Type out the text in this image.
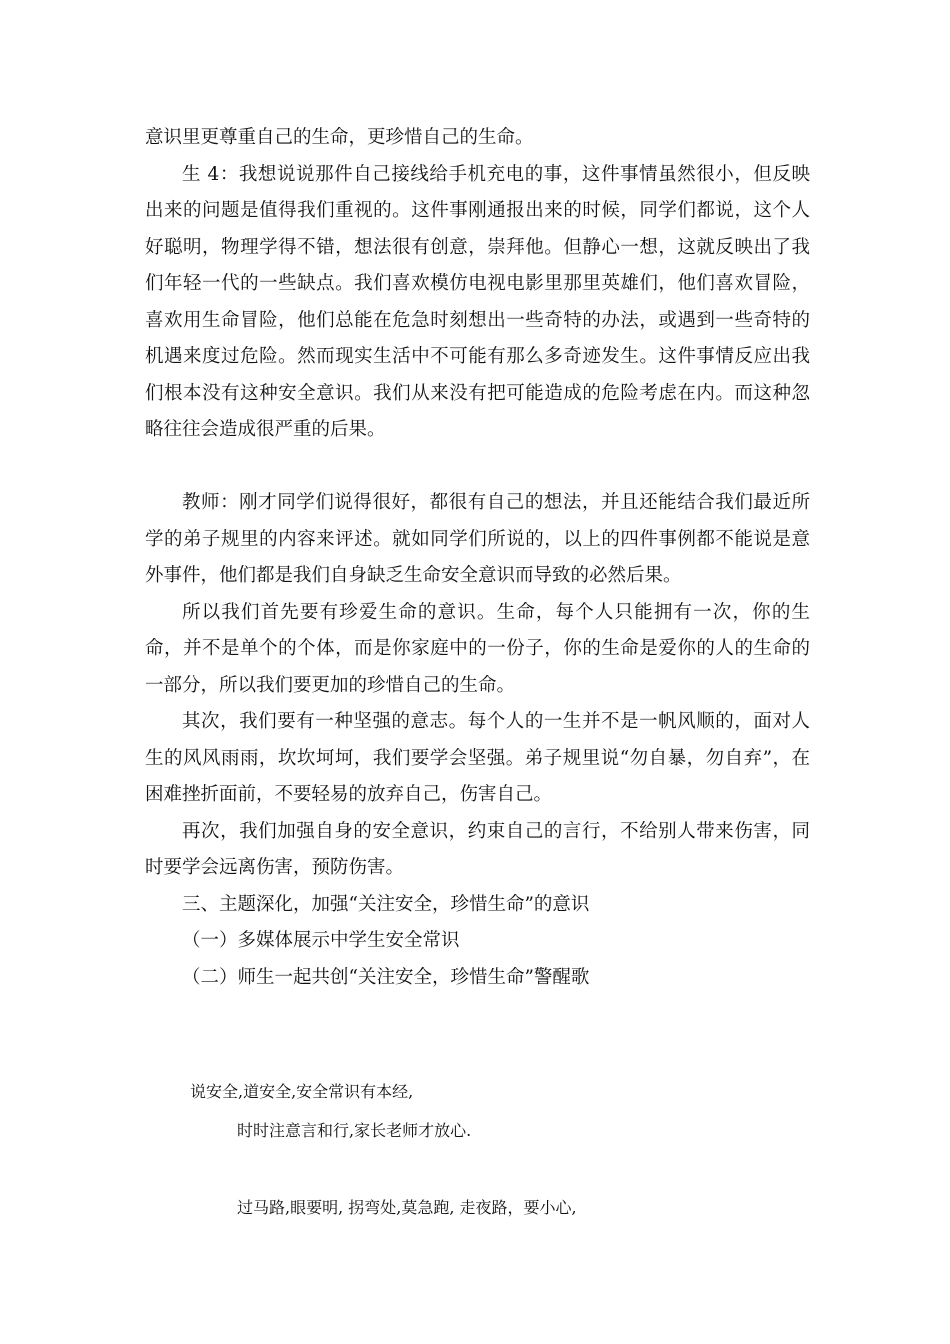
意识里更尊重自己的生命，更珍惜自己的生命。

生 4：我想说说那件自己接线给手机充电的事，这件事情虽然很小，但反映出来的问题是值得我们重视的。这件事刚通报出来的时候，同学们都说，这个人好聪明，物理学得不错，想法很有创意，崇拜他。但静心一想，这就反映出了我们年轻一代的一些缺点。我们喜欢模仿电视电影里那里英雄们，他们喜欢冒险，喜欢用生命冒险，他们总能在危急时刻想出一些奇特的办法，或遇到一些奇特的机遇来度过危险。然而现实生活中不可能有那么多奇迹发生。这件事情反应出我们根本没有这种安全意识。我们从来没有把可能造成的危险考虑在内。而这种忽略往往会造成很严重的后果。

教师：刚才同学们说得很好，都很有自己的想法，并且还能结合我们最近所学的弟子规里的内容来评述。就如同学们所说的，以上的四件事例都不能说是意外事件，他们都是我们自身缺乏生命安全意识而导致的必然后果。

所以我们首先要有珍爱生命的意识。生命，每个人只能拥有一次，你的生命，并不是单个的个体，而是你家庭中的一份子，你的生命是爱你的人的生命的一部分，所以我们要更加的珍惜自己的生命。

其次，我们要有一种坚强的意志。每个人的一生并不是一帆风顺的，面对人生的风风雨雨，坎坎坷坷，我们要学会坚强。弟子规里说“勿自暴，勿自弃”，在困难挫折面前，不要轻易的放弃自己，伤害自己。

再次，我们加强自身的安全意识，约束自己的言行，不给别人带来伤害，同时要学会远离伤害，预防伤害。

三、主题深化，加强“关注安全，珍惜生命”的意识

（一）多媒体展示中学生安全常识

（二）师生一起共创“关注安全，珍惜生命”警醒歌

说安全,道安全,安全常识有本经,
时时注意言和行,家长老师才放心.
过马路,眼要明, 拐弯处,莫急跑, 走夜路，要小心,
